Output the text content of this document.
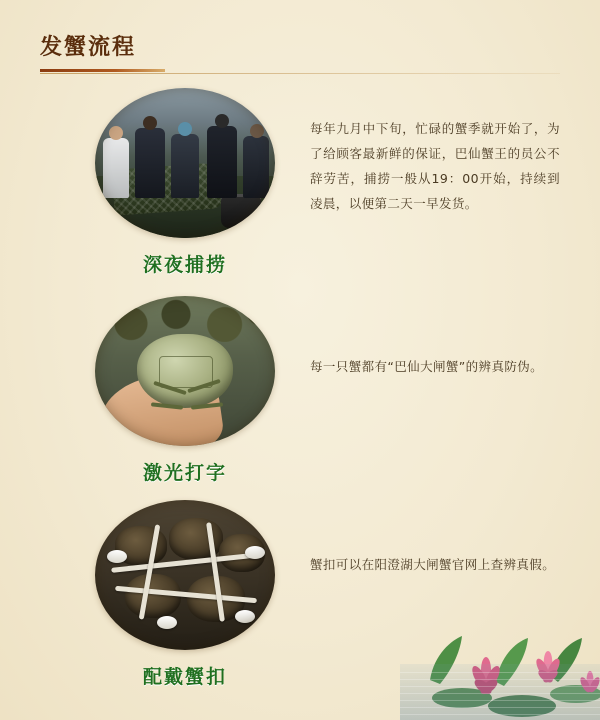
发蟹流程
深夜捕捞
每年九月中下旬，忙碌的蟹季就开始了，为了给顾客最新鲜的保证，巴仙蟹王的员公不辞劳苦，捕捞一般从19：00开始，持续到凌晨，以便第二天一早发货。
激光打字
每一只蟹都有“巴仙大闸蟹”的辨真防伪。
配戴蟹扣
蟹扣可以在阳澄湖大闸蟹官网上查辨真假。
